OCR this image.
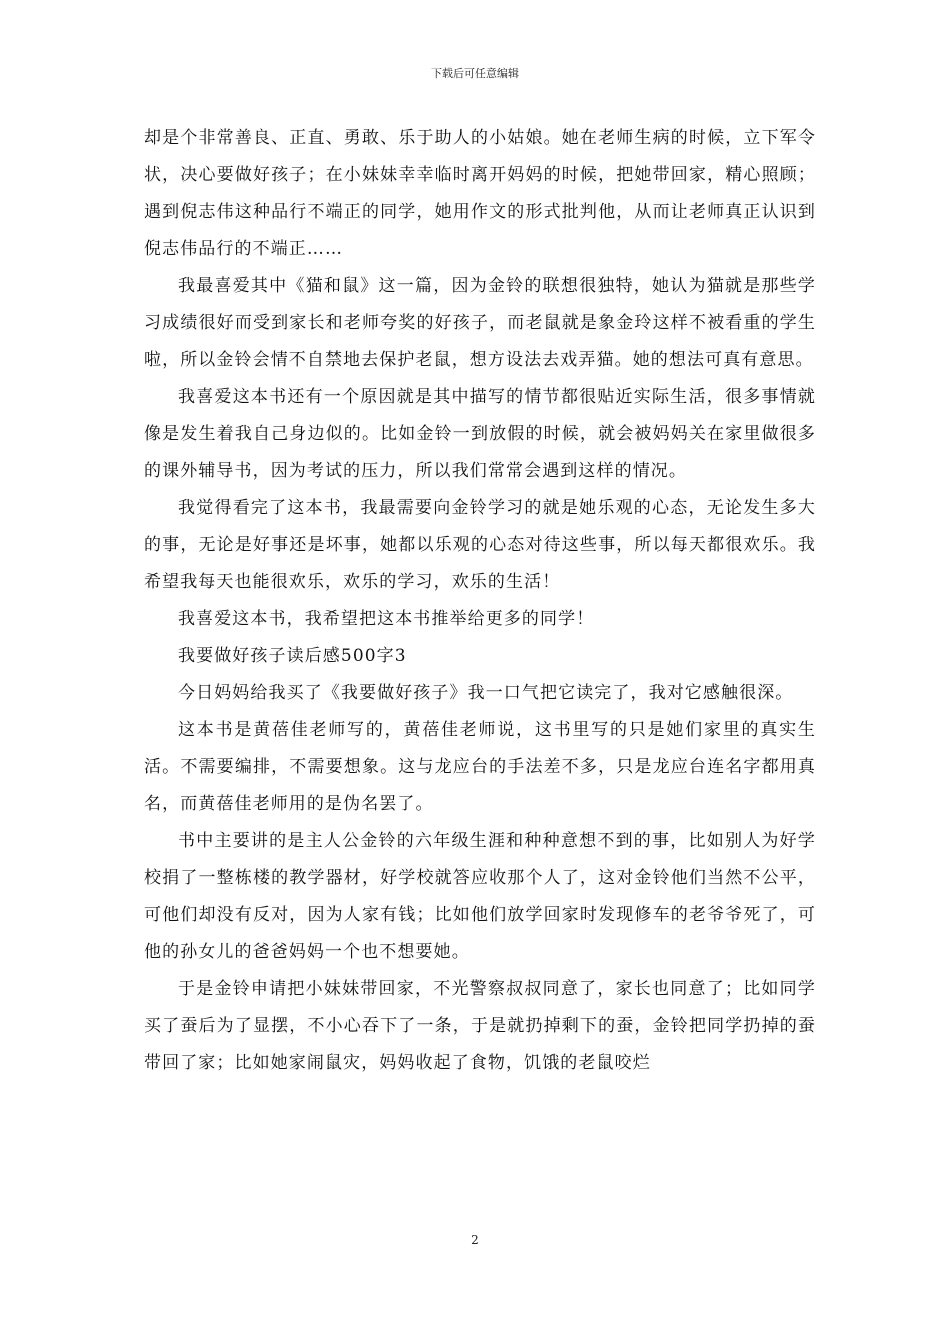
下载后可任意编辑

却是个非常善良、正直、勇敢、乐于助人的小姑娘。她在老师生病的时候，立下军令状，决心要做好孩子；在小妹妹幸幸临时离开妈妈的时候，把她带回家，精心照顾；遇到倪志伟这种品行不端正的同学，她用作文的形式批判他，从而让老师真正认识到倪志伟品行的不端正……

我最喜爱其中《猫和鼠》这一篇，因为金铃的联想很独特，她认为猫就是那些学习成绩很好而受到家长和老师夸奖的好孩子，而老鼠就是象金玲这样不被看重的学生啦，所以金铃会情不自禁地去保护老鼠，想方设法去戏弄猫。她的想法可真有意思。

我喜爱这本书还有一个原因就是其中描写的情节都很贴近实际生活，很多事情就像是发生着我自己身边似的。比如金铃一到放假的时候，就会被妈妈关在家里做很多的课外辅导书，因为考试的压力，所以我们常常会遇到这样的情况。

我觉得看完了这本书，我最需要向金铃学习的就是她乐观的心态，无论发生多大的事，无论是好事还是坏事，她都以乐观的心态对待这些事，所以每天都很欢乐。我希望我每天也能很欢乐，欢乐的学习，欢乐的生活！

我喜爱这本书，我希望把这本书推举给更多的同学！

我要做好孩子读后感500字3

今日妈妈给我买了《我要做好孩子》我一口气把它读完了，我对它感触很深。

这本书是黄蓓佳老师写的，黄蓓佳老师说，这书里写的只是她们家里的真实生活。不需要编排，不需要想象。这与龙应台的手法差不多，只是龙应台连名字都用真名，而黄蓓佳老师用的是伪名罢了。

书中主要讲的是主人公金铃的六年级生涯和种种意想不到的事，比如别人为好学校捐了一整栋楼的教学器材，好学校就答应收那个人了，这对金铃他们当然不公平，可他们却没有反对，因为人家有钱；比如他们放学回家时发现修车的老爷爷死了，可他的孙女儿的爸爸妈妈一个也不想要她。

于是金铃申请把小妹妹带回家，不光警察叔叔同意了，家长也同意了；比如同学买了蚕后为了显摆，不小心吞下了一条，于是就扔掉剩下的蚕，金铃把同学扔掉的蚕带回了家；比如她家闹鼠灾，妈妈收起了食物，饥饿的老鼠咬烂

2
